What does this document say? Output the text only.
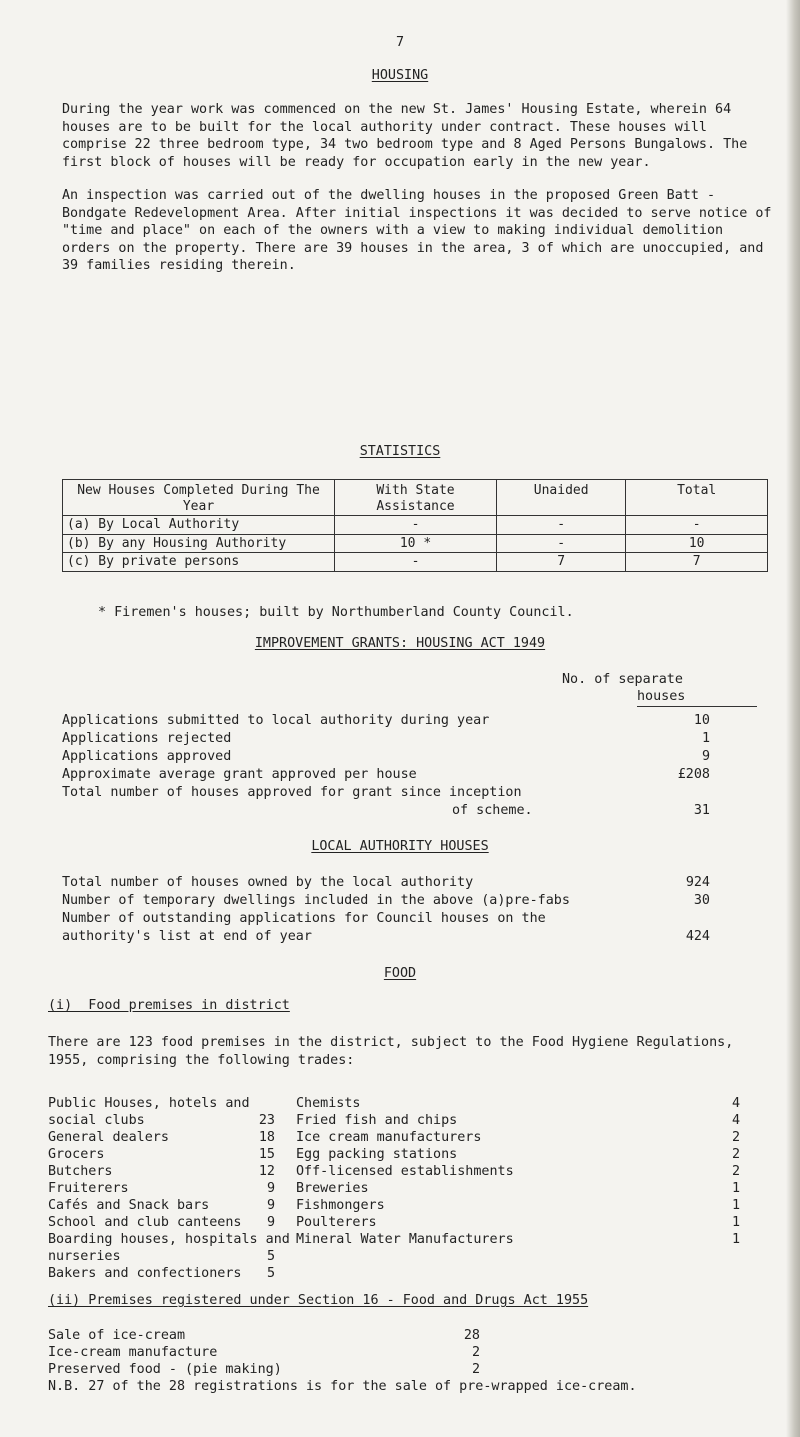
7
HOUSING
During the year work was commenced on the new St. James' Housing Estate, wherein 64 houses are to be built for the local authority under contract. These houses will comprise 22 three bedroom type, 34 two bedroom type and 8 Aged Persons Bungalows. The first block of houses will be ready for occupation early in the new year.
An inspection was carried out of the dwelling houses in the proposed Green Batt - Bondgate Redevelopment Area. After initial inspections it was decided to serve notice of "time and place" on each of the owners with a view to making individual demolition orders on the property. There are 39 houses in the area, 3 of which are unoccupied, and 39 families residing therein.
STATISTICS
New Houses Completed During The Year	With State Assistance	Unaided	Total
(a) By Local Authority	-	-	-
(b) By any Housing Authority	10 *	-	10
(c) By private persons	-	7	7
* Firemen's houses; built by Northumberland County Council.
IMPROVEMENT GRANTS: HOUSING ACT 1949
No. of separate
houses
Applications submitted to local authority during year	10
Applications rejected	1
Applications approved	9
Approximate average grant approved per house	£208
Total number of houses approved for grant since inception
of scheme.	31
LOCAL AUTHORITY HOUSES
Total number of houses owned by the local authority	924
Number of temporary dwellings included in the above (a)pre-fabs	30
Number of outstanding applications for Council houses on the
authority's list at end of year	424
FOOD
(i)  Food premises in district
There are 123 food premises in the district, subject to the Food Hygiene Regulations, 1955, comprising the following trades:
Public Houses, hotels and
social clubs	23
General dealers	18
Grocers	15
Butchers	12
Fruiterers	9
Cafés and Snack bars	9
School and club canteens	9
Boarding houses, hospitals and
nurseries	5
Bakers and confectioners	5
Chemists	4
Fried fish and chips	4
Ice cream manufacturers	2
Egg packing stations	2
Off-licensed establishments	2
Breweries	1
Fishmongers	1
Poulterers	1
Mineral Water Manufacturers	1
(ii) Premises registered under Section 16 - Food and Drugs Act 1955
Sale of ice-cream	28
Ice-cream manufacture	2
Preserved food - (pie making)	2
N.B. 27 of the 28 registrations is for the sale of pre-wrapped ice-cream.
